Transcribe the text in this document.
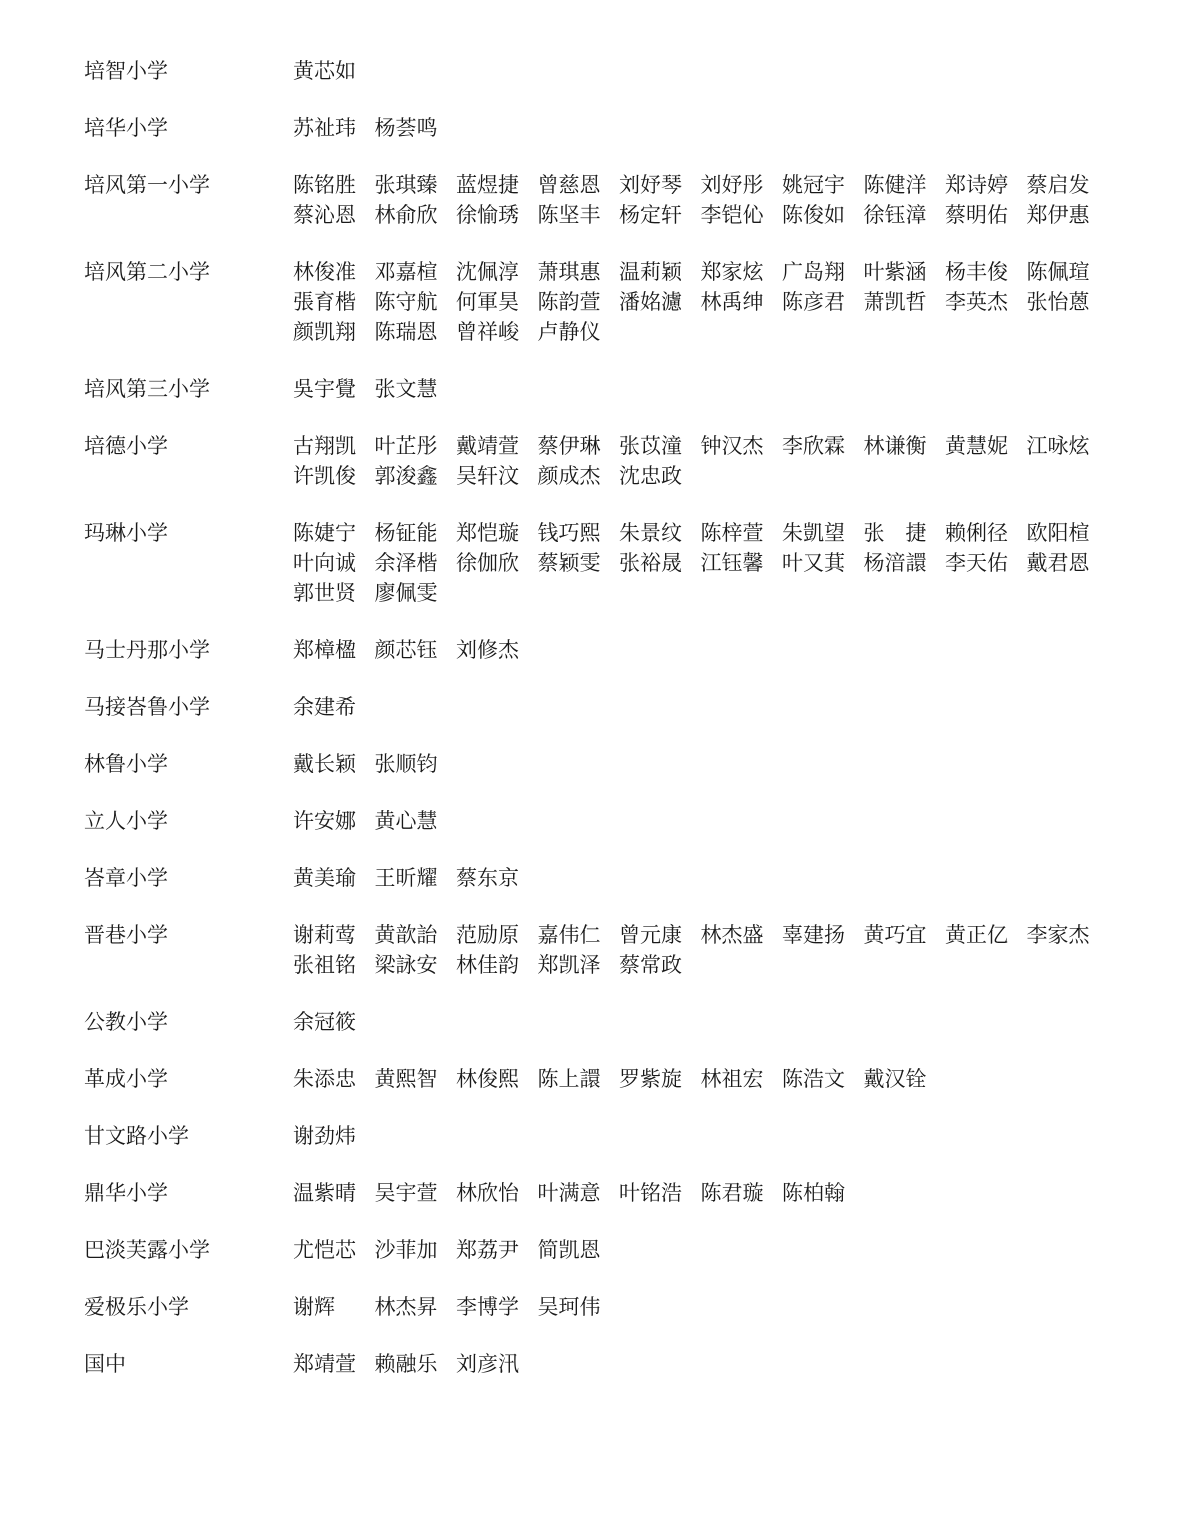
培智小学	黄芯如
培华小学	苏祉玮 杨荟鸣
培风第一小学	陈铭胜 张琪臻 蓝煜捷 曾慈恩 刘妤琴 刘妤彤 姚冠宇 陈健洋 郑诗婷 蔡启发
蔡沁恩 林俞欣 徐愉琇 陈坚丰 杨定轩 李铠伈 陈俊如 徐钰漳 蔡明佑 郑伊惠
培风第二小学	林俊准 邓嘉楦 沈佩淳 萧琪惠 温莉颖 郑家炫 广岛翔 叶紫涵 杨丰俊 陈佩瑄
張育楷 陈守航 何軍昊 陈韵萱 潘姳濾 林禹绅 陈彦君 萧凯哲 李英杰 张怡蒽
颜凯翔 陈瑞恩 曾祥峻 卢静仪
培风第三小学	吳宇覺 张文慧
培德小学	古翔凯 叶芷彤 戴靖萱 蔡伊琳 张苡潼 钟汉杰 李欣霖 林谦衡 黄慧妮 江咏炫
许凯俊 郭浚鑫 吴轩汶 颜成杰 沈忠政
玛琳小学	陈婕宁 杨钲能 郑恺璇 钱巧熙 朱景纹 陈梓萱 朱凱望 张　捷 赖俐径 欧阳楦
叶向诚 余泽楷 徐伽欣 蔡颖雯 张裕晟 江钰馨 叶又萁 杨湆譞 李天佑 戴君恩
郭世贤 廖佩雯
马士丹那小学	郑樟楹 颜芯钰 刘修杰
马接峇鲁小学	余建希
林鲁小学	戴长颖 张顺钧
立人小学	许安娜 黄心慧
峇章小学	黄美瑜 王昕耀 蔡东京
晋巷小学	谢莉莺 黄歆詒 范励原 嘉伟仁 曾元康 林杰盛 辜建扬 黄巧宜 黄正亿 李家杰
张祖铭 梁詠安 林佳韵 郑凯泽 蔡常政
公教小学	余冠筱
革成小学	朱添忠 黄熙智 林俊熙 陈上譞 罗紫旋 林祖宏 陈浩文 戴汉铨
甘文路小学	谢劲炜
鼎华小学	温紫晴 吴宇萱 林欣怡 叶满意 叶铭浩 陈君璇 陈柏翰
巴淡芙露小学	尤恺芯 沙菲加 郑荔尹 简凯恩
爱极乐小学	谢辉	林杰昇 李博学 吴珂伟
国中	郑靖萱 赖融乐 刘彦汛
